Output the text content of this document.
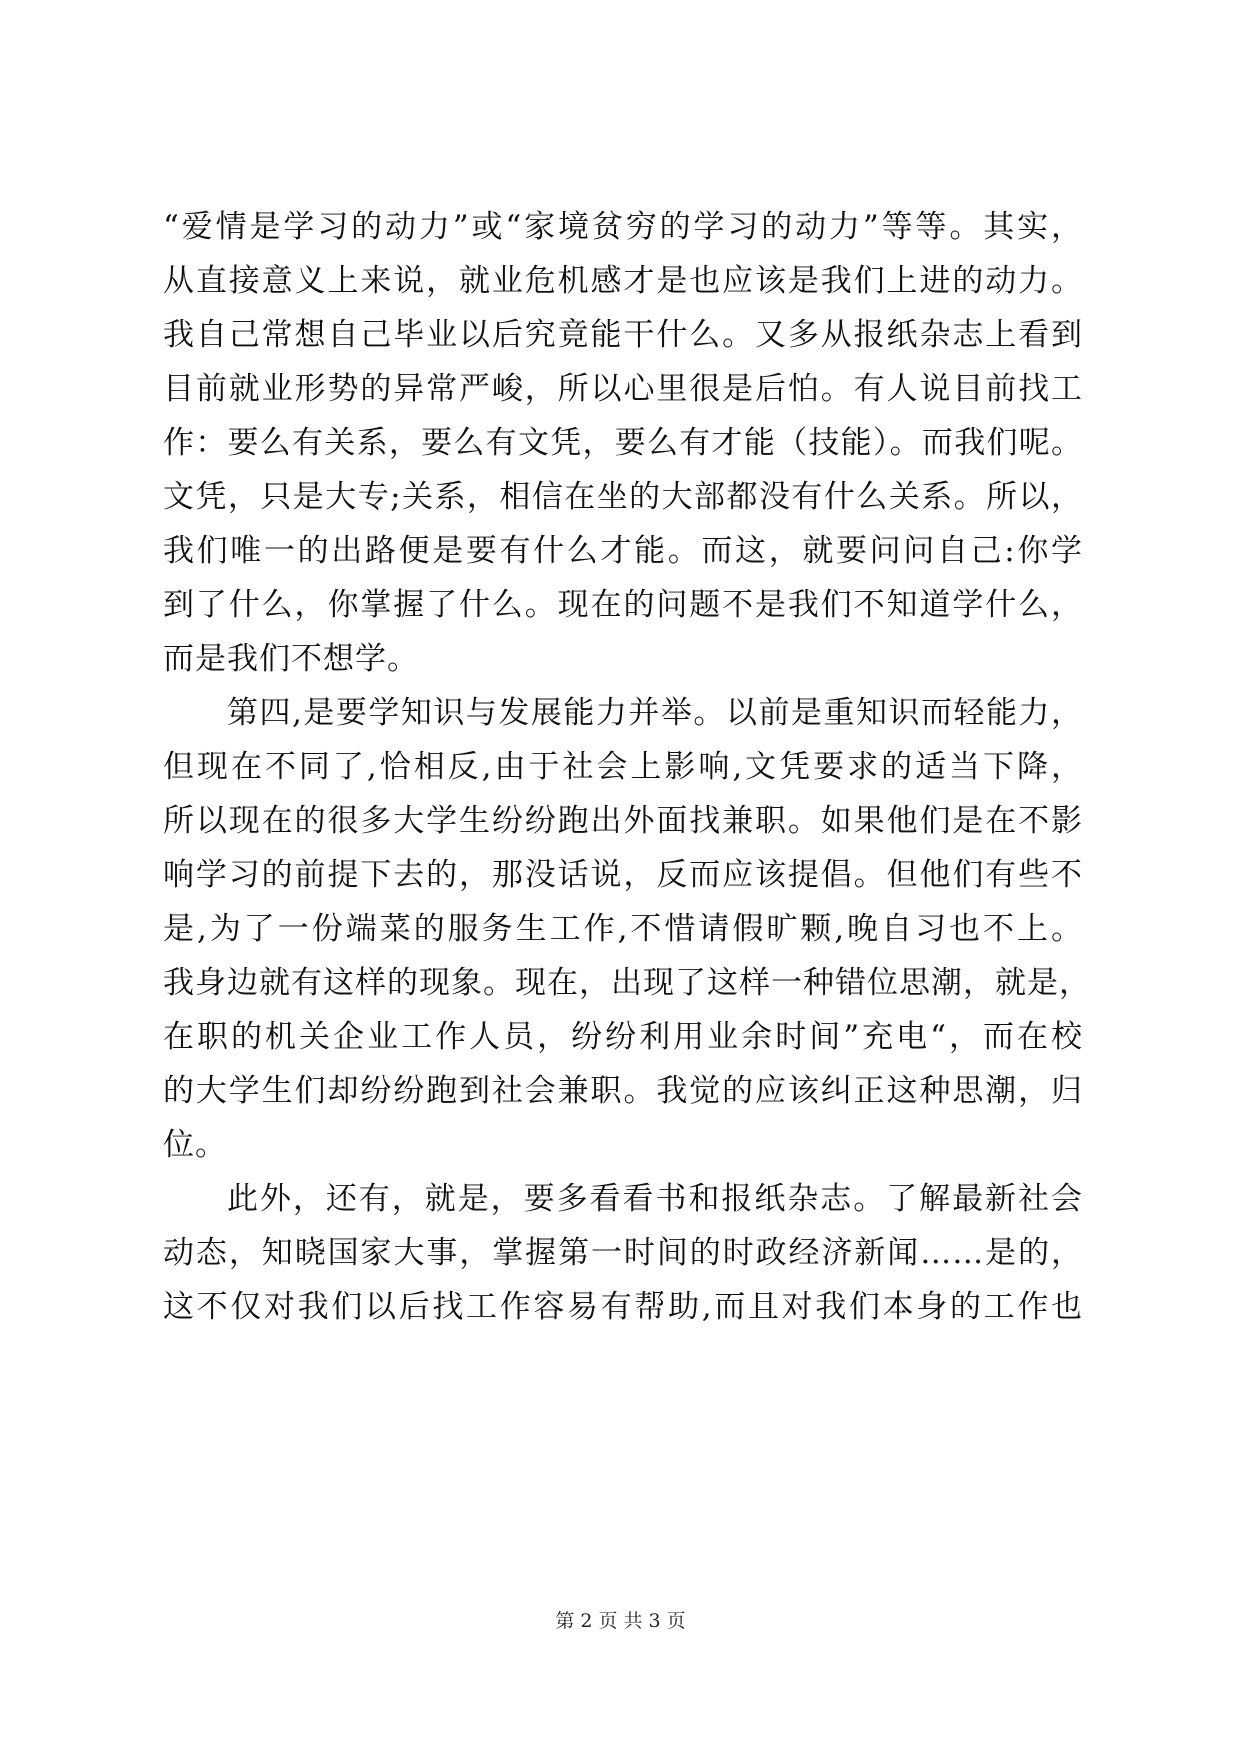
“爱情是学习的动力”或“家境贫穷的学习的动力”等等。其实，
从直接意义上来说，就业危机感才是也应该是我们上进的动力。
我自己常想自己毕业以后究竟能干什么。又多从报纸杂志上看到
目前就业形势的异常严峻，所以心里很是后怕。有人说目前找工
作：要么有关系，要么有文凭，要么有才能（技能）。而我们呢。
文凭，只是大专;关系，相信在坐的大部都没有什么关系。所以，
我们唯一的出路便是要有什么才能。而这，就要问问自己:你学
到了什么，你掌握了什么。现在的问题不是我们不知道学什么，
而是我们不想学。
第四,是要学知识与发展能力并举。以前是重知识而轻能力，
但现在不同了,恰相反,由于社会上影响,文凭要求的适当下降，
所以现在的很多大学生纷纷跑出外面找兼职。如果他们是在不影
响学习的前提下去的，那没话说，反而应该提倡。但他们有些不
是,为了一份端菜的服务生工作,不惜请假旷颗,晚自习也不上。
我身边就有这样的现象。现在，出现了这样一种错位思潮，就是，
在职的机关企业工作人员，纷纷利用业余时间”充电“，而在校
的大学生们却纷纷跑到社会兼职。我觉的应该纠正这种思潮，归
位。
此外，还有，就是，要多看看书和报纸杂志。了解最新社会
动态，知晓国家大事，掌握第一时间的时政经济新闻……是的，
这不仅对我们以后找工作容易有帮助,而且对我们本身的工作也
第 2 页 共 3 页
